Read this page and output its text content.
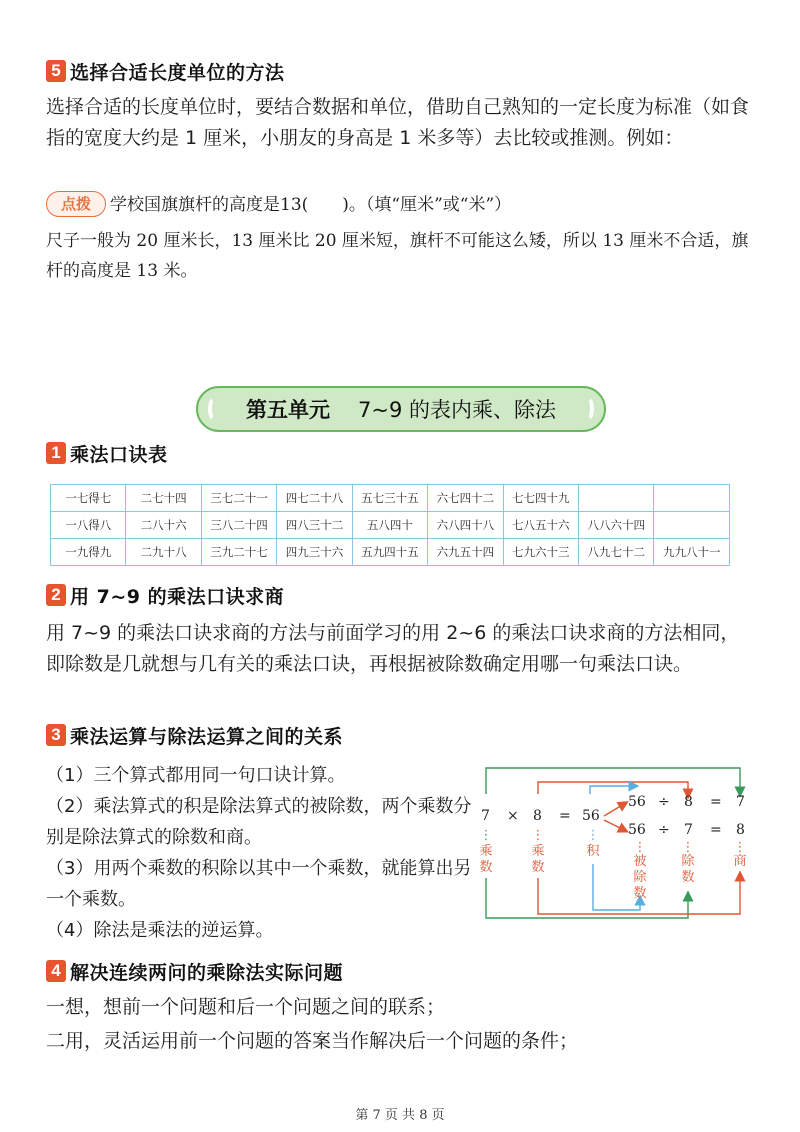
5 选择合适长度单位的方法
选择合适的长度单位时，要结合数据和单位，借助自己熟知的一定长度为标准（如食指的宽度大约是 1 厘米，小朋友的身高是 1 米多等）去比较或推测。例如：
点拨 学校国旗旗杆的高度是13(　　)。（填“厘米”或“米”）
尺子一般为 20 厘米长，13 厘米比 20 厘米短，旗杆不可能这么矮，所以 13 厘米不合适，旗杆的高度是 13 米。
第五单元 7~9 的表内乘、除法
1 乘法口诀表
一七得七	二七十四	三七二十一	四七二十八	五七三十五	六七四十二	七七四十九		
一八得八	二八十六	三八二十四	四八三十二	五八四十	六八四十八	七八五十六	八八六十四	
一九得九	二九十八	三九二十七	四九三十六	五九四十五	六九五十四	七九六十三	八九七十二	九九八十一
2 用 7~9 的乘法口诀求商
用 7~9 的乘法口诀求商的方法与前面学习的用 2~6 的乘法口诀求商的方法相同，即除数是几就想与几有关的乘法口诀，再根据被除数确定用哪一句乘法口诀。
3 乘法运算与除法运算之间的关系

（1）三个算式都用同一句口诀计算。

（2）乘法算式的积是除法算式的被除数，两个乘数分别是除法算式的除数和商。

（3）用两个乘数的积除以其中一个乘数，就能算出另一个乘数。

（4）除法是乘法的逆运算。

7 × 8 = 56
56 ÷ 8 = 7
56 ÷ 7 = 8
⋮
乘
数
⋮
乘
数
⋮
积	⋮
被
除
数
⋮
除
数
⋮
商
4 解决连续两问的乘除法实际问题
一想，想前一个问题和后一个问题之间的联系；
二用，灵活运用前一个问题的答案当作解决后一个问题的条件；
第 7 页 共 8 页
